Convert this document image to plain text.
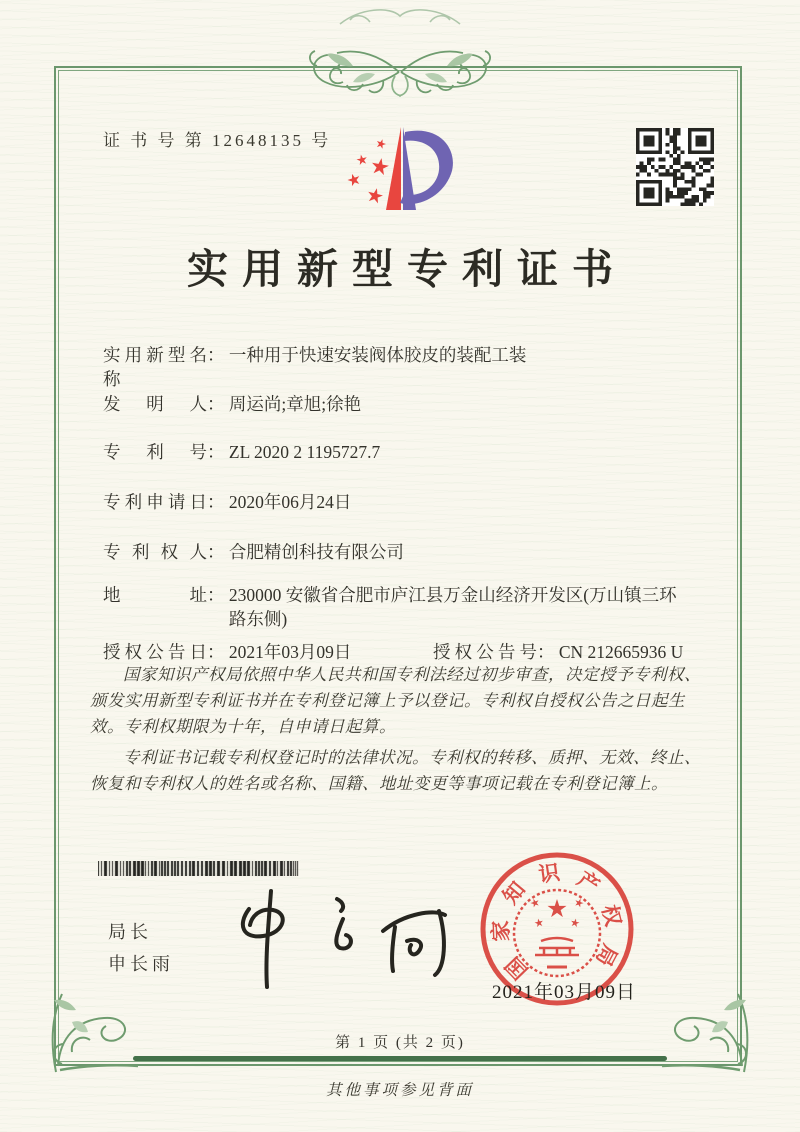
证 书 号 第 12648135 号
实用新型专利证书
实用新型名称： 一种用于快速安装阀体胶皮的装配工装
发明人： 周运尚;章旭;徐艳
专利号： ZL 2020 2 1195727.7
专利申请日： 2020年06月24日
专利权人： 合肥精创科技有限公司
地址： 230000 安徽省合肥市庐江县万金山经济开发区(万山镇三环路东侧)
授权公告日： 2021年03月09日	授权公告号： CN 212665936 U

国家知识产权局依照中华人民共和国专利法经过初步审查，决定授予专利权、颁发实用新型专利证书并在专利登记簿上予以登记。专利权自授权公告之日起生效。专利权期限为十年，自申请日起算。

专利证书记载专利权登记时的法律状况。专利权的转移、质押、无效、终止、恢复和专利权人的姓名或名称、国籍、地址变更等事项记载在专利登记簿上。

局长
申长雨	国
家
知
识 产
权
局
2021年03月09日
第 1 页 (共 2 页)
其他事项参见背面
